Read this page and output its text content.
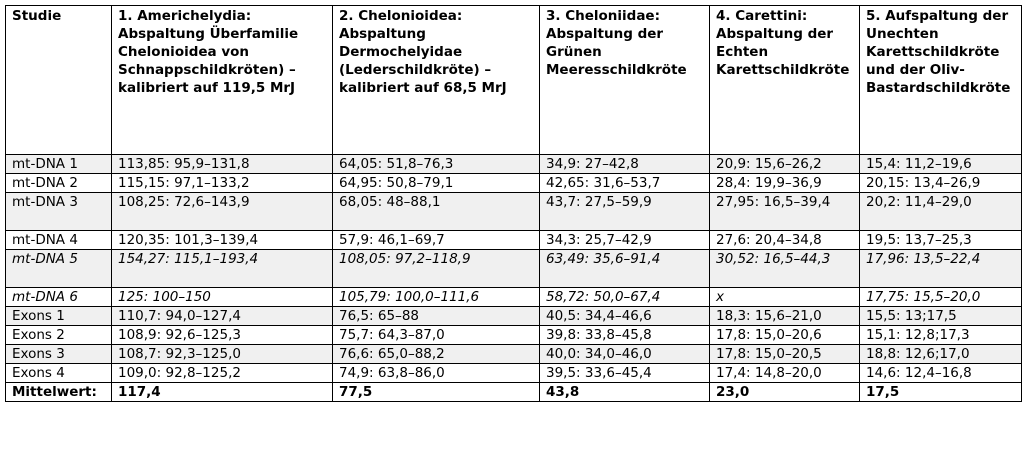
Studie	1. Americhelydia: Abspaltung Überfamilie Chelonioidea von Schnappschildkröten) – kalibriert auf 119,5 MrJ	2. Chelonioidea: Abspaltung Dermochelyidae (Lederschildkröte) – kalibriert auf 68,5 MrJ	3. Cheloniidae: Abspaltung der Grünen Meeresschildkröte	4. Carettini: Abspaltung der Echten Karettschildkröte	5. Aufspaltung der Unechten Karettschildkröte und der Oliv-Bastardschildkröte
mt-DNA 1	113,85: 95,9–131,8	64,05: 51,8–76,3	34,9: 27–42,8	20,9: 15,6–26,2	15,4: 11,2–19,6
mt-DNA 2	115,15: 97,1–133,2	64,95: 50,8–79,1	42,65: 31,6–53,7	28,4: 19,9–36,9	20,15: 13,4–26,9
mt-DNA 3	108,25: 72,6–143,9	68,05: 48–88,1	43,7: 27,5–59,9	27,95: 16,5–39,4	20,2: 11,4–29,0
mt-DNA 4	120,35: 101,3–139,4	57,9: 46,1–69,7	34,3: 25,7–42,9	27,6: 20,4–34,8	19,5: 13,7–25,3
mt-DNA 5	154,27: 115,1–193,4	108,05: 97,2–118,9	63,49: 35,6–91,4	30,52: 16,5–44,3	17,96: 13,5–22,4
mt-DNA 6	125: 100–150	105,79: 100,0–111,6	58,72: 50,0–67,4	x	17,75: 15,5–20,0
Exons 1	110,7: 94,0–127,4	76,5: 65–88	40,5: 34,4–46,6	18,3: 15,6–21,0	15,5: 13;17,5
Exons 2	108,9: 92,6–125,3	75,7: 64,3–87,0	39,8: 33,8–45,8	17,8: 15,0–20,6	15,1: 12,8;17,3
Exons 3	108,7: 92,3–125,0	76,6: 65,0–88,2	40,0: 34,0–46,0	17,8: 15,0–20,5	18,8: 12,6;17,0
Exons 4	109,0: 92,8–125,2	74,9: 63,8–86,0	39,5: 33,6–45,4	17,4: 14,8–20,0	14,6: 12,4–16,8
Mittelwert:	117,4	77,5	43,8	23,0	17,5
